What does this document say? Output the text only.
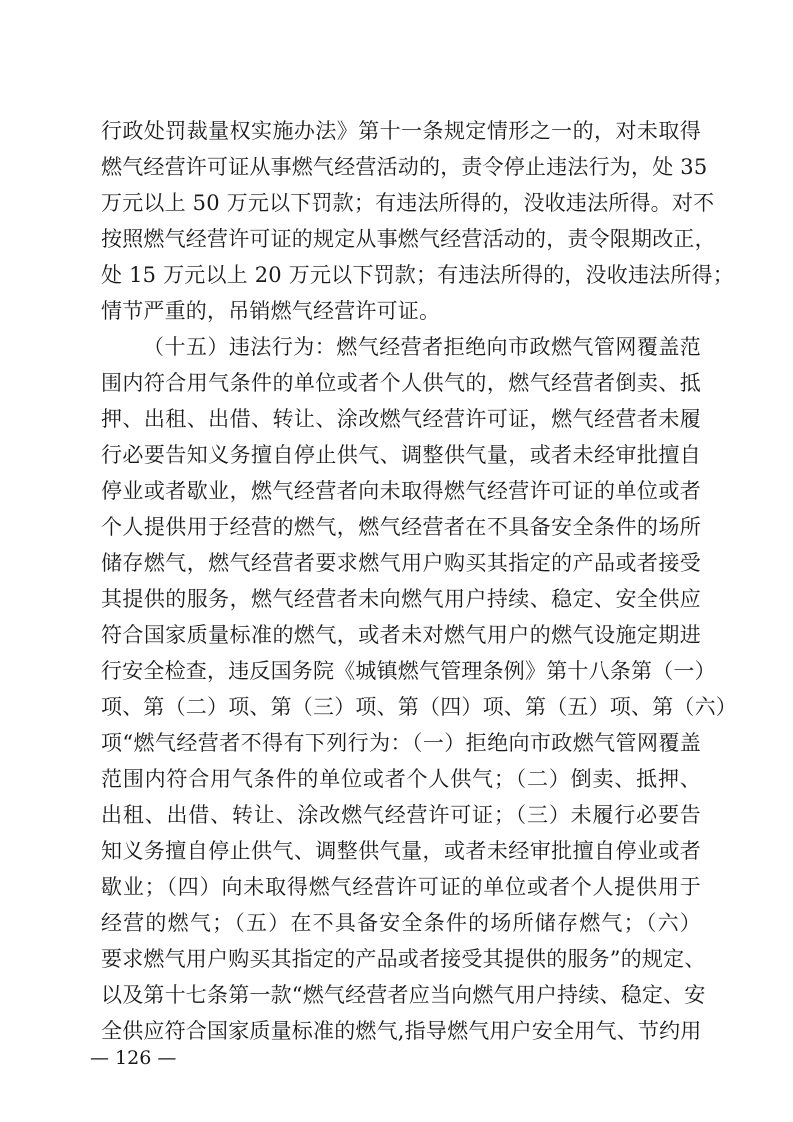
行政处罚裁量权实施办法》第十一条规定情形之一的，对未取得
燃气经营许可证从事燃气经营活动的，责令停止违法行为，处 35
万元以上 50 万元以下罚款；有违法所得的，没收违法所得。对不
按照燃气经营许可证的规定从事燃气经营活动的，责令限期改正，
处 15 万元以上 20 万元以下罚款；有违法所得的，没收违法所得；
情节严重的，吊销燃气经营许可证。
（十五）违法行为：燃气经营者拒绝向市政燃气管网覆盖范
围内符合用气条件的单位或者个人供气的，燃气经营者倒卖、抵
押、出租、出借、转让、涂改燃气经营许可证，燃气经营者未履
行必要告知义务擅自停止供气、调整供气量，或者未经审批擅自
停业或者歇业，燃气经营者向未取得燃气经营许可证的单位或者
个人提供用于经营的燃气，燃气经营者在不具备安全条件的场所
储存燃气，燃气经营者要求燃气用户购买其指定的产品或者接受
其提供的服务，燃气经营者未向燃气用户持续、稳定、安全供应
符合国家质量标准的燃气，或者未对燃气用户的燃气设施定期进
行安全检查，违反国务院《城镇燃气管理条例》第十八条第（一）
项、第（二）项、第（三）项、第（四）项、第（五）项、第（六）
项“燃气经营者不得有下列行为：（一）拒绝向市政燃气管网覆盖
范围内符合用气条件的单位或者个人供气；（二）倒卖、抵押、
出租、出借、转让、涂改燃气经营许可证；（三）未履行必要告
知义务擅自停止供气、调整供气量，或者未经审批擅自停业或者
歇业；（四）向未取得燃气经营许可证的单位或者个人提供用于
经营的燃气；（五）在不具备安全条件的场所储存燃气；（六）
要求燃气用户购买其指定的产品或者接受其提供的服务”的规定、
以及第十七条第一款“燃气经营者应当向燃气用户持续、稳定、安
全供应符合国家质量标准的燃气,指导燃气用户安全用气、节约用
— 126 —
